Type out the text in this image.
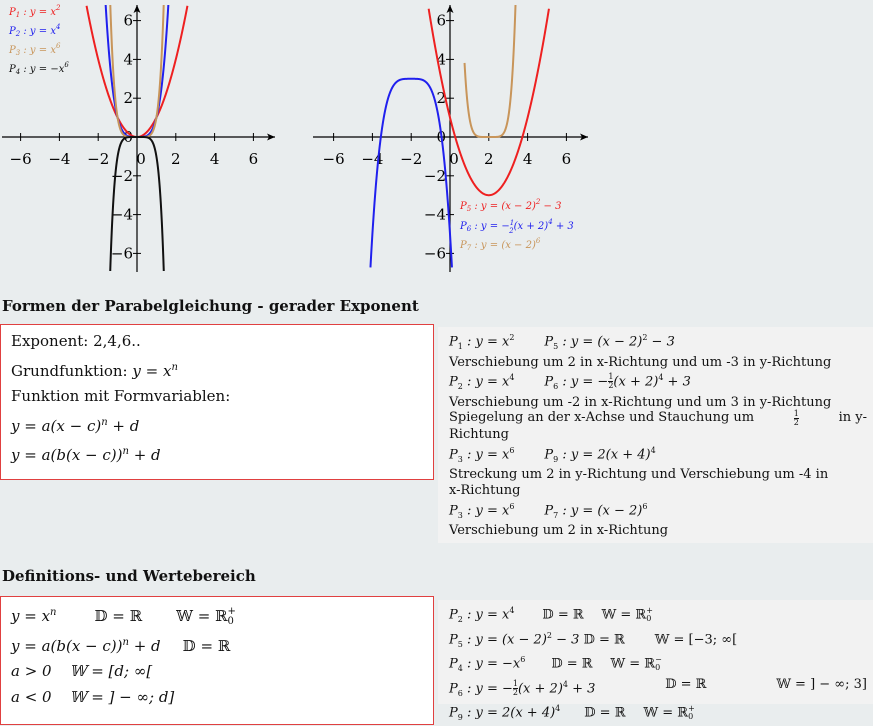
−6 −4 −2 0 2 4 6
6
4
2
−2
−4
−6
0
−6 −4 −2 0 2 4 6
6
4
2
−2
−4
−6
0
$P_1$ : $y = x^2$
$P_2$ : $y = x^4$
$P_3$ : $y = x^6$
$P_4$ : $y = -x^6$
$P_5$ : $y = (x - 2)^2 - 3$
$P_6$ : y = −$^1$ $2(x + 2)^4 + 3$
$P_7$ : $y = (x - 2)^6$
Formen der Parabelgleichung - gerader Exponent
Exponent: 2,4,6..
Grundfunktion: $y = x^n$
Funktion mit Formvariablen:
$y = a(x - c)^n + d$
$y = a(b(x - c))^n + d$
$P_1$ : $y = x^2$ $P_5$ : $y = (x - 2)^2 - 3$
Verschiebung um 2 in x-Richtung und um -3 in y-Richtung
$P_2$ : $y = x^4$ $P_6$ : y = − $\frac{1}{2} (x + 2)^4 + 3$
Verschiebung um -2 in x-Richtung und um 3 in y-Richtung
Spiegelung an der x-Achse und Stauchung um	1
2	in y-
Richtung
$P_3$ : $y = x^6$ $P_9$ : $y = 2(x + 4)^4$
Streckung um 2 in y-Richtung und Verschiebung um -4 in
x-Richtung
$P_3$ : $y = x^6$ $P_7$ : $y = (x - 2)^6$
Verschiebung um 2 in x-Richtung
Definitions- und Wertebereich
$y = x^n$	𝔻 = ℝ 𝕎 = ℝ +
0
$y = a(b(x - c))^n + d$ 𝔻 = ℝ
a > 0 𝕎 = [d; ∞[
a < 0 𝕎 = ] − ∞; d]
$P_2$ : $y = x^4$ 𝔻 = ℝ 𝕎 = ℝ +
0
$P_5$ : $y = (x - 2)^2 - 3$ 𝔻 = ℝ 𝕎 = [−3; ∞[
$P_4$ : $y = -x^6$ 𝔻 = ℝ 𝕎 = ℝ −
0
$P_6$ : y = − $\frac{1}{2} (x + 2)^4 + 3$	𝔻 = ℝ	𝕎 = ] − ∞; 3]
$P_9$ : $y = 2(x + 4)^4$ 𝔻 = ℝ 𝕎 = ℝ +
0
